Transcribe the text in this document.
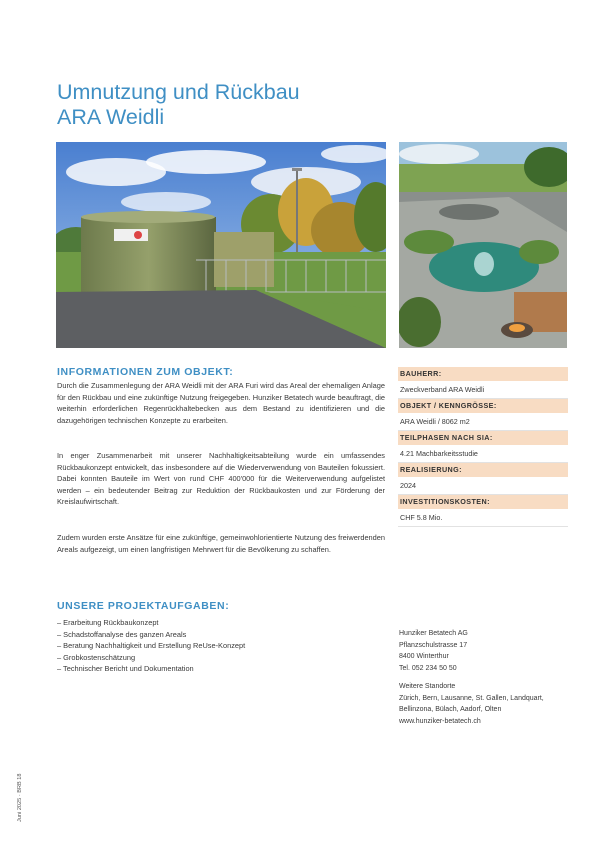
Umnutzung und Rückbau
ARA Weidli
INFORMATIONEN ZUM OBJEKT:

Durch die Zusammenlegung der ARA Weidli mit der ARA Furi wird das Areal der ehemaligen Anlage für den Rückbau und eine zukünftige Nutzung freigegeben. Hunziker Betatech wurde beauftragt, die weiterhin erforderlichen Regenrückhaltebecken aus dem Bestand zu identifizieren und die dazugehörigen technischen Konzepte zu erarbeiten.

In enger Zusammenarbeit mit unserer Nachhaltigkeitsabteilung wurde ein umfassendes Rückbaukonzept entwickelt, das insbesondere auf die Wiederverwendung von Bauteilen fokussiert. Dabei konnten Bauteile im Wert von rund CHF 400'000 für die Weiterverwendung aufgelistet werden – ein bedeutender Beitrag zur Reduktion der Rückbaukosten und zur Förderung der Kreislaufwirtschaft.

Zudem wurden erste Ansätze für eine zukünftige, gemeinwohlorientierte Nutzung des freiwerdenden Areals aufgezeigt, um einen langfristigen Mehrwert für die Bevölkerung zu schaffen.

UNSERE PROJEKTAUFGABEN:
– Erarbeitung Rückbaukonzept
– Schadstoffanalyse des ganzen Areals
– Beratung Nachhaltigkeit und Erstellung ReUse-Konzept
– Grobkostenschätzung
– Technischer Bericht und Dokumentation
BAUHERR:
Zweckverband ARA Weidli
OBJEKT / KENNGRÖSSE:
ARA Weidli / 8062 m2
TEILPHASEN NACH SIA:
4.21 Machbarkeitsstudie
REALISIERUNG:
2024
INVESTITIONSKOSTEN:
CHF 5.8 Mio.
Hunziker Betatech AG
Pflanzschulstrasse 17
8400 Winterthur
Tel. 052 234 50 50
Weitere Standorte
Zürich, Bern, Lausanne, St. Gallen, Landquart,
Bellinzona, Bülach, Aadorf, Olten
www.hunziker-betatech.ch
Juni 2025 · BRB 18
